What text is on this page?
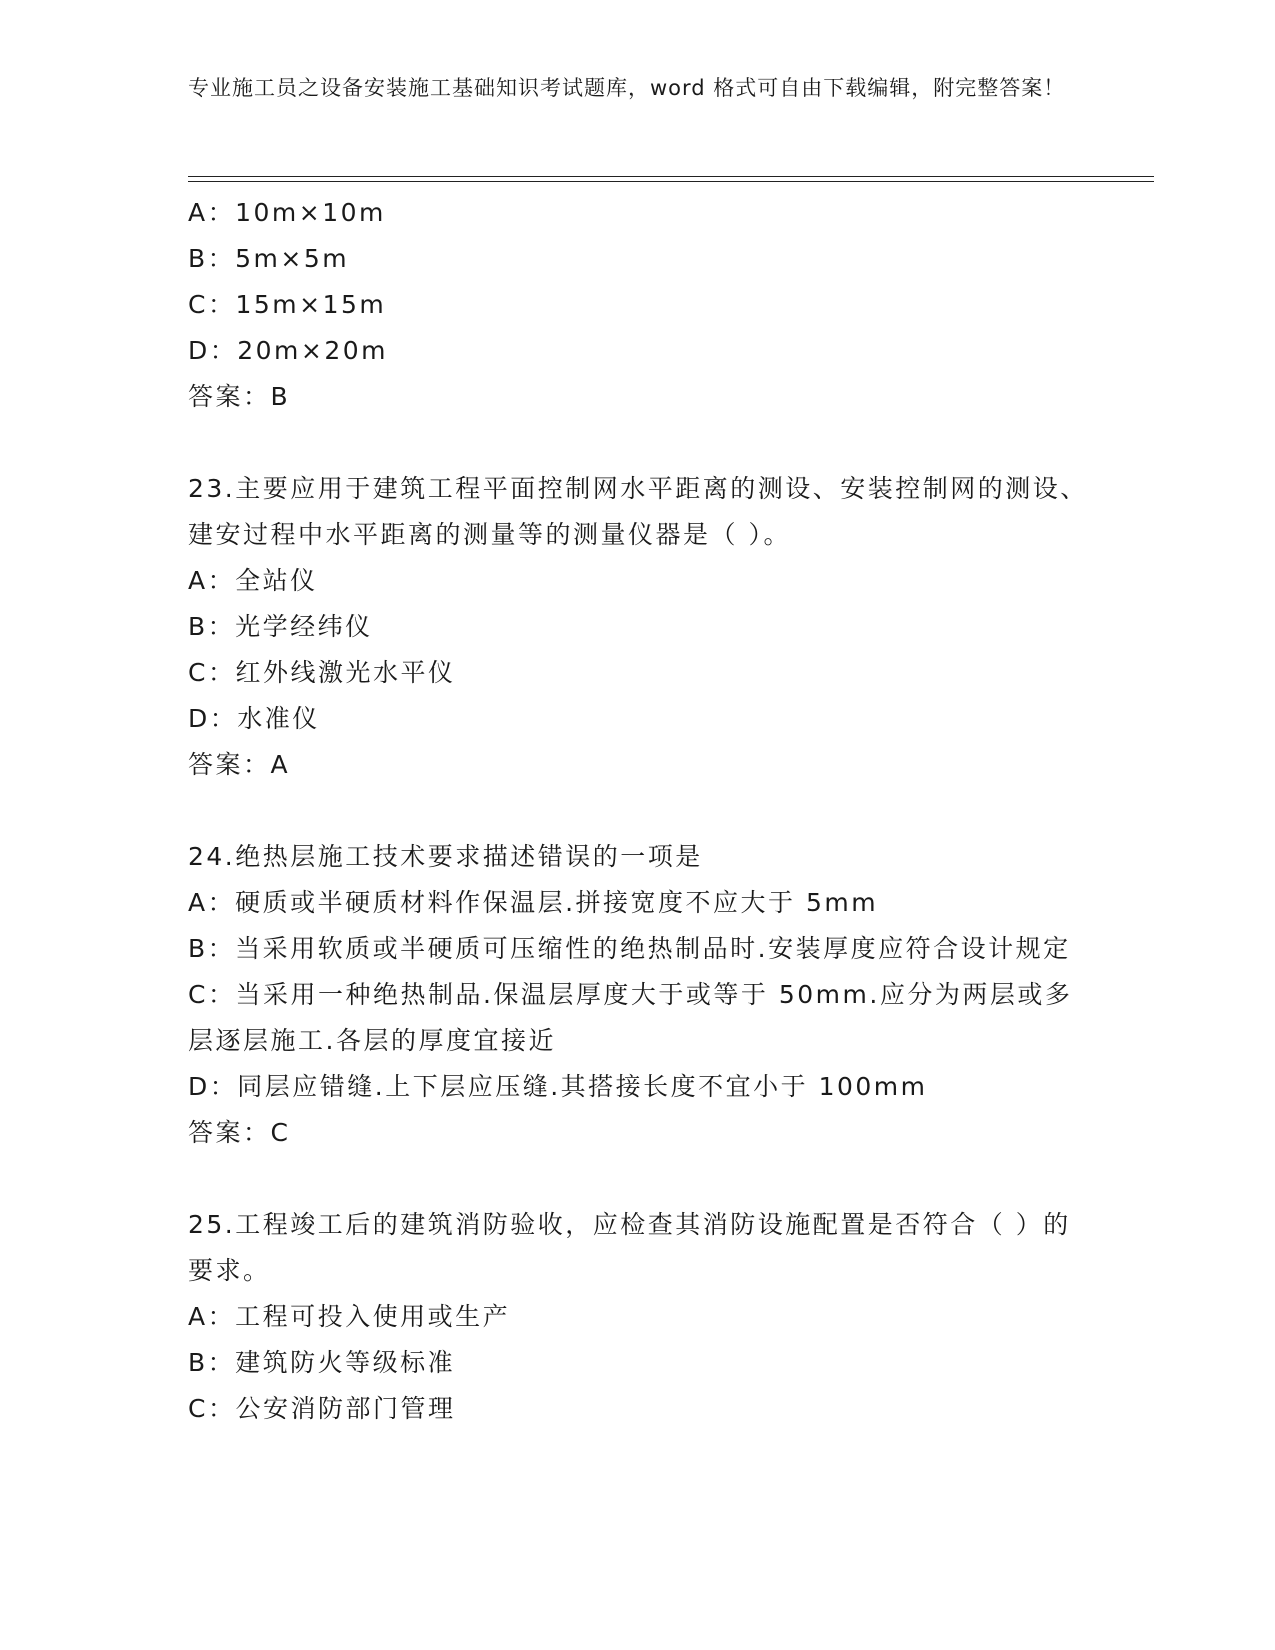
专业施工员之设备安装施工基础知识考试题库，word 格式可自由下载编辑，附完整答案！

A：10m×10m

B：5m×5m

C：15m×15m

D：20m×20m

答案：B

23.主要应用于建筑工程平面控制网水平距离的测设、安装控制网的测设、建安过程中水平距离的测量等的测量仪器是（ ）。

A：全站仪

B：光学经纬仪

C：红外线激光水平仪

D：水准仪

答案：A

24.绝热层施工技术要求描述错误的一项是

A：硬质或半硬质材料作保温层.拼接宽度不应大于 5mm

B：当采用软质或半硬质可压缩性的绝热制品时.安装厚度应符合设计规定

C：当采用一种绝热制品.保温层厚度大于或等于 50mm.应分为两层或多层逐层施工.各层的厚度宜接近

D：同层应错缝.上下层应压缝.其搭接长度不宜小于 100mm

答案：C

25.工程竣工后的建筑消防验收，应检查其消防设施配置是否符合（ ）的要求。

A：工程可投入使用或生产

B：建筑防火等级标准

C：公安消防部门管理
